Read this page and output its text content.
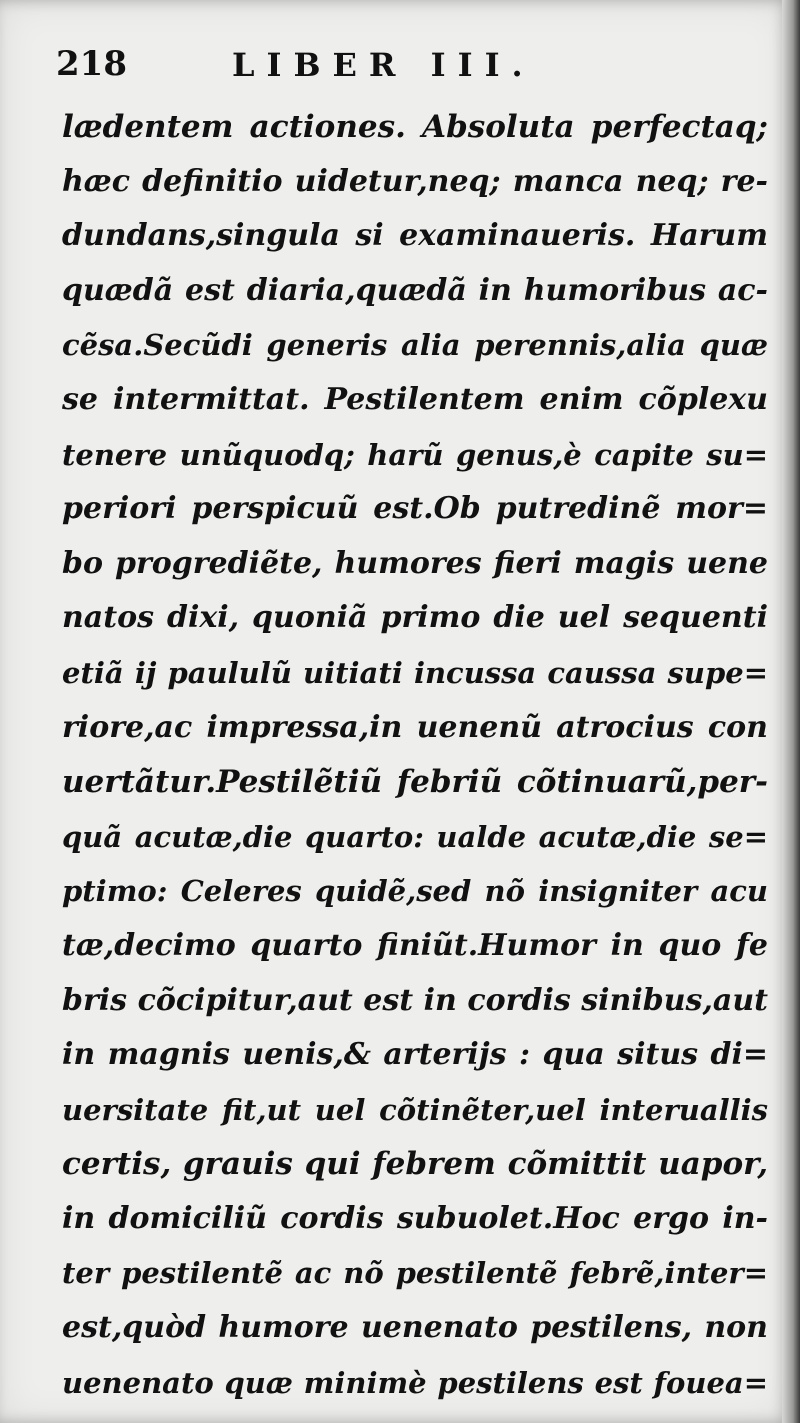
218	LIBER III.
lædentem actiones. Absoluta perfectaq;
hæc definitio uidetur,neq; manca neq; re-
dundans,singula si examinaueris. Harum
quædã est diaria,quædã in humoribus ac-
cẽsa.Secũdi generis alia perennis,alia quæ
se intermittat. Pestilentem enim cõplexu
tenere unũquodq; harũ genus,è capite su=
periori perspicuũ est.Ob putredinẽ mor=
bo progrediẽte, humores fieri magis uene
natos dixi, quoniã primo die uel sequenti
etiã ij paululũ uitiati incussa caussa supe=
riore,ac impressa,in uenenũ atrocius con
uertãtur.Pestilẽtiũ febriũ cõtinuarũ,per-
quã acutæ,die quarto: ualde acutæ,die se=
ptimo: Celeres quidẽ,sed nõ insigniter acu
tæ,decimo quarto finiũt.Humor in quo fe
bris cõcipitur,aut est in cordis sinibus,aut
in magnis uenis,& arterijs : qua situs di=
uersitate fit,ut uel cõtinẽter,uel interuallis
certis, grauis qui febrem cõmittit uapor,
in domiciliũ cordis subuolet.Hoc ergo in-
ter pestilentẽ ac nõ pestilentẽ febrẽ,inter=
est,quòd humore uenenato pestilens, non
uenenato quæ minimè pestilens est fouea=
